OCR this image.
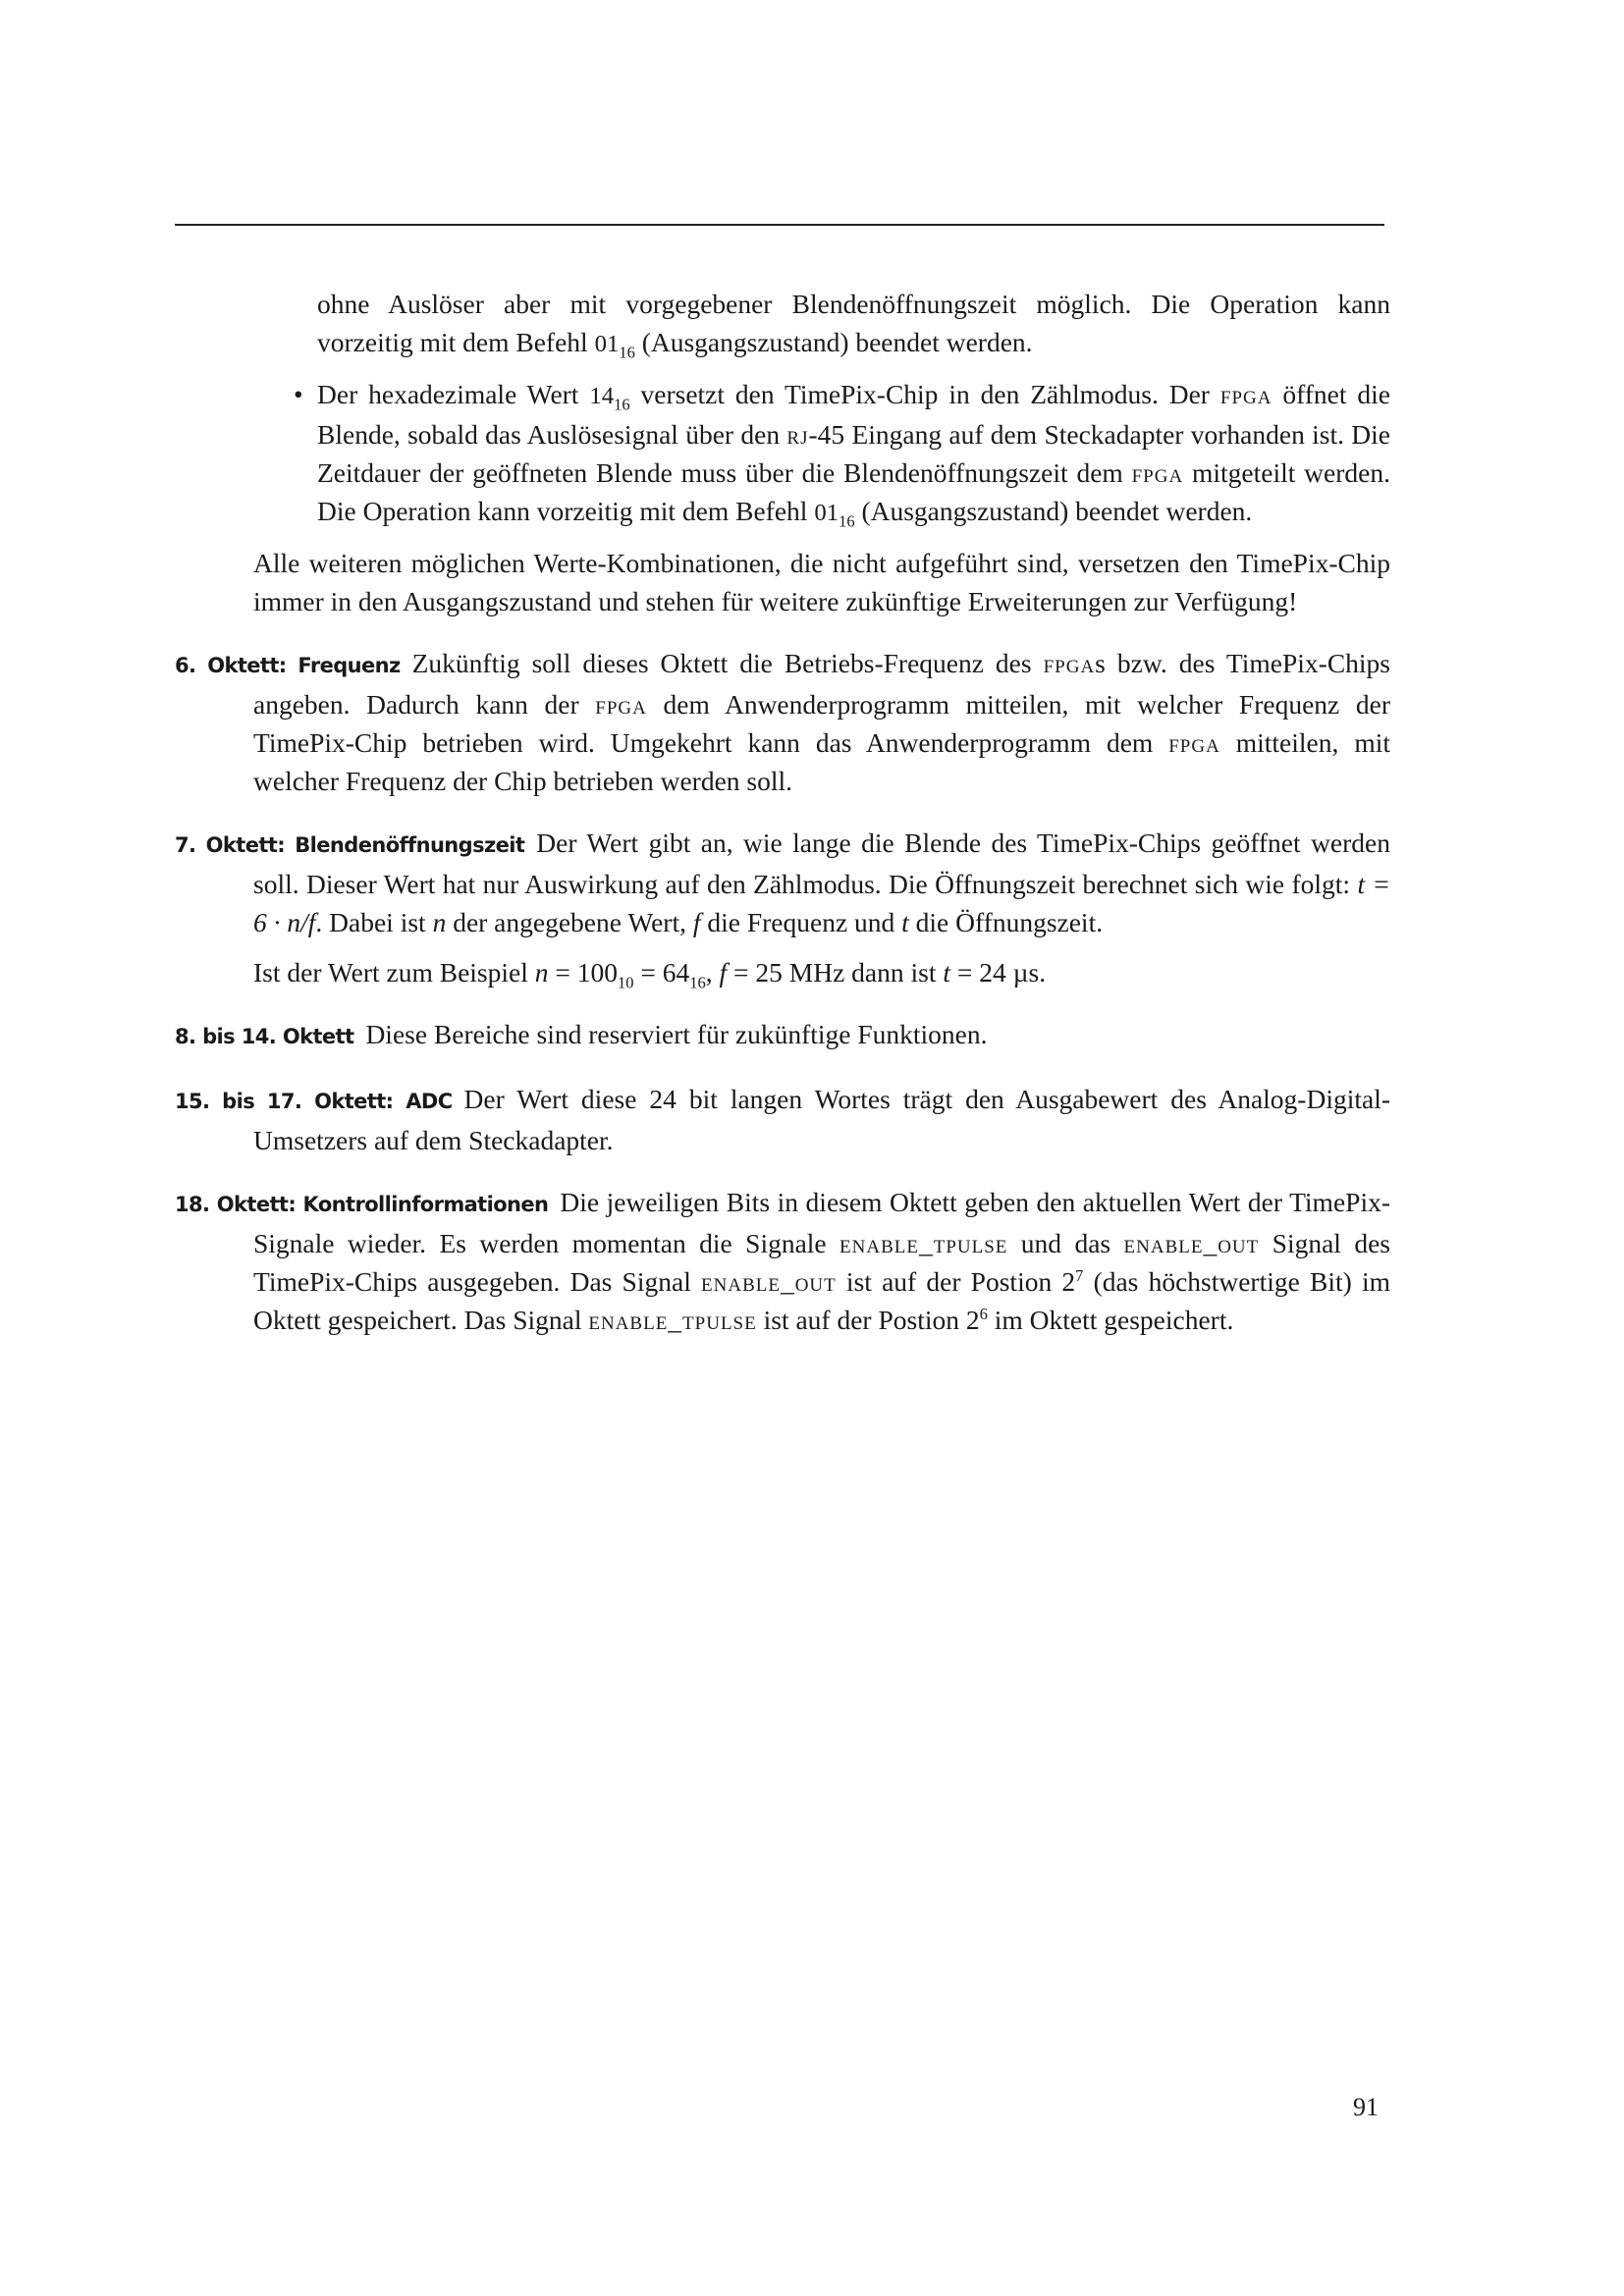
ohne Auslöser aber mit vorgegebener Blendenöffnungszeit möglich. Die Operation kann

vorzeitig mit dem Befehl $01_{16}$ (Ausgangszustand) beendet werden.

• Der hexadezimale Wert $14_{16}$ versetzt den TimePix-Chip in den Zählmodus. Der fpga öffnet die Blende, sobald das Auslösesignal über den rj-45 Eingang auf dem Steckadapter vorhanden ist. Die Zeitdauer der geöffneten Blende muss über die Blendenöffnungszeit dem fpga mitgeteilt werden. Die Operation kann vorzeitig mit dem Befehl $01_{16}$ (Ausgangszustand) beendet werden.

Alle weiteren möglichen Werte-Kombinationen, die nicht aufgeführt sind, versetzen den TimePix-Chip immer in den Ausgangszustand und stehen für weitere zukünftige Erweiterungen zur Verfügung!

6. Oktett: Frequenz Zukünftig soll dieses Oktett die Betriebs-Frequenz des fpgas bzw. des TimePix-Chips angeben. Dadurch kann der fpga dem Anwenderprogramm mitteilen, mit welcher Frequenz der TimePix-Chip betrieben wird. Umgekehrt kann das Anwenderprogramm dem fpga mitteilen, mit welcher Frequenz der Chip betrieben werden soll.

7. Oktett: Blendenöffnungszeit Der Wert gibt an, wie lange die Blende des TimePix-Chips geöffnet werden soll. Dieser Wert hat nur Auswirkung auf den Zählmodus. Die Öffnungszeit berechnet sich wie folgt: t = 6 · n/f. Dabei ist n der angegebene Wert, f die Frequenz und t die Öffnungszeit.

Ist der Wert zum Beispiel $n = 100_{10} = 64_{16}$, f = 25 MHz dann ist t = 24 µs.

8. bis 14. Oktett Diese Bereiche sind reserviert für zukünftige Funktionen.

15. bis 17. Oktett: ADC Der Wert diese 24 bit langen Wortes trägt den Ausgabewert des Analog-Digital-Umsetzers auf dem Steckadapter.

18. Oktett: Kontrollinformationen Die jeweiligen Bits in diesem Oktett geben den aktuellen Wert der TimePix-Signale wieder. Es werden momentan die Signale enable_tpulse und das enable_out Signal des TimePix-Chips ausgegeben. Das Signal enable_out ist auf der Postion $2^7$ (das höchstwertige Bit) im Oktett gespeichert. Das Signal enable_tpulse ist auf der Postion $2^6$ im Oktett gespeichert.

91
